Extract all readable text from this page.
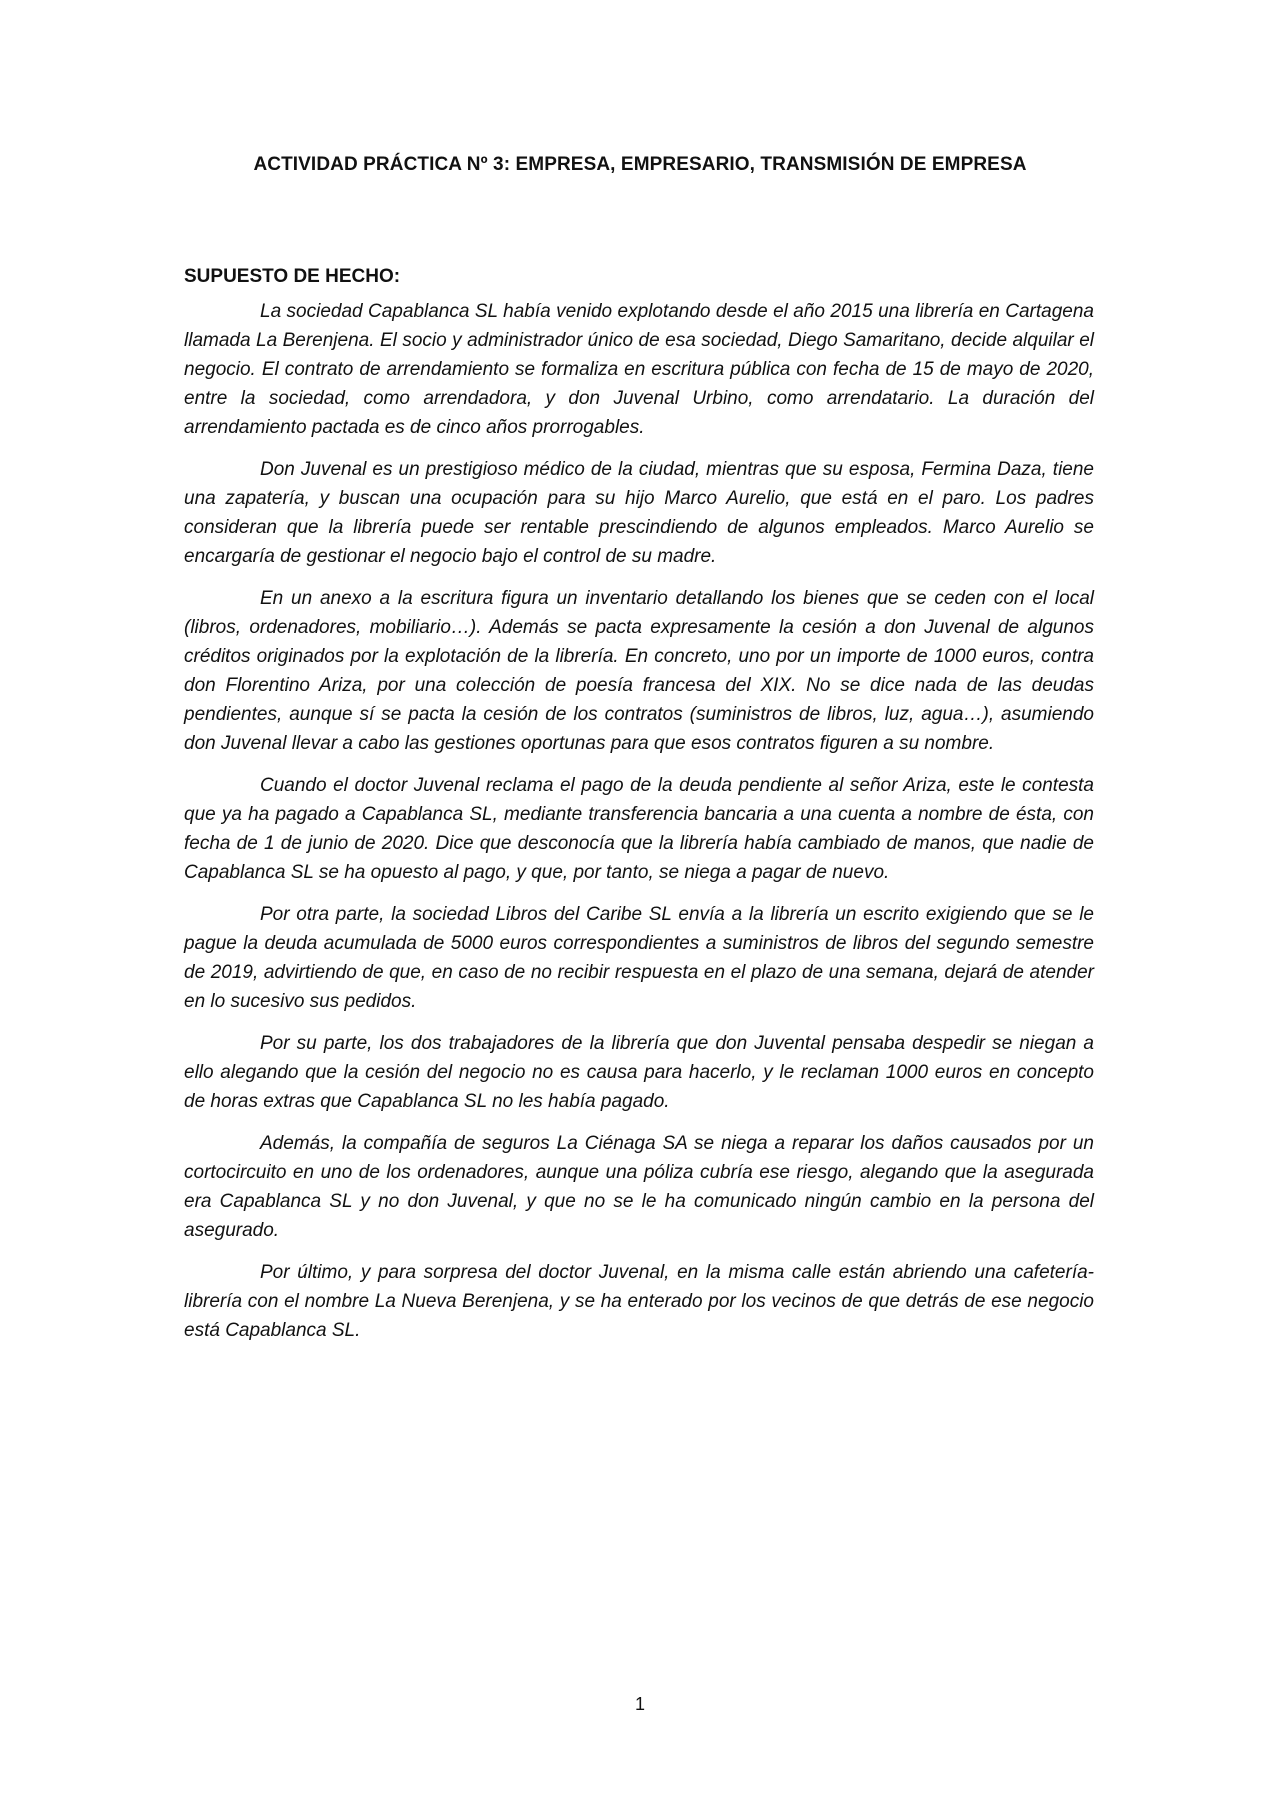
ACTIVIDAD PRÁCTICA Nº 3: EMPRESA, EMPRESARIO, TRANSMISIÓN DE EMPRESA

SUPUESTO DE HECHO:

La sociedad Capablanca SL había venido explotando desde el año 2015 una librería en Cartagena llamada La Berenjena. El socio y administrador único de esa sociedad, Diego Samaritano, decide alquilar el negocio. El contrato de arrendamiento se formaliza en escritura pública con fecha de 15 de mayo de 2020, entre la sociedad, como arrendadora, y don Juvenal Urbino, como arrendatario. La duración del arrendamiento pactada es de cinco años prorrogables.

Don Juvenal es un prestigioso médico de la ciudad, mientras que su esposa, Fermina Daza, tiene una zapatería, y buscan una ocupación para su hijo Marco Aurelio, que está en el paro. Los padres consideran que la librería puede ser rentable prescindiendo de algunos empleados. Marco Aurelio se encargaría de gestionar el negocio bajo el control de su madre.

En un anexo a la escritura figura un inventario detallando los bienes que se ceden con el local (libros, ordenadores, mobiliario…). Además se pacta expresamente la cesión a don Juvenal de algunos créditos originados por la explotación de la librería. En concreto, uno por un importe de 1000 euros, contra don Florentino Ariza, por una colección de poesía francesa del XIX. No se dice nada de las deudas pendientes, aunque sí se pacta la cesión de los contratos (suministros de libros, luz, agua…), asumiendo don Juvenal llevar a cabo las gestiones oportunas para que esos contratos figuren a su nombre.

Cuando el doctor Juvenal reclama el pago de la deuda pendiente al señor Ariza, este le contesta que ya ha pagado a Capablanca SL, mediante transferencia bancaria a una cuenta a nombre de ésta, con fecha de 1 de junio de 2020. Dice que desconocía que la librería había cambiado de manos, que nadie de Capablanca SL se ha opuesto al pago, y que, por tanto, se niega a pagar de nuevo.

Por otra parte, la sociedad Libros del Caribe SL envía a la librería un escrito exigiendo que se le pague la deuda acumulada de 5000 euros correspondientes a suministros de libros del segundo semestre de 2019, advirtiendo de que, en caso de no recibir respuesta en el plazo de una semana, dejará de atender en lo sucesivo sus pedidos.

Por su parte, los dos trabajadores de la librería que don Juvental pensaba despedir se niegan a ello alegando que la cesión del negocio no es causa para hacerlo, y le reclaman 1000 euros en concepto de horas extras que Capablanca SL no les había pagado.

Además, la compañía de seguros La Ciénaga SA se niega a reparar los daños causados por un cortocircuito en uno de los ordenadores, aunque una póliza cubría ese riesgo, alegando que la asegurada era Capablanca SL y no don Juvenal, y que no se le ha comunicado ningún cambio en la persona del asegurado.

Por último, y para sorpresa del doctor Juvenal, en la misma calle están abriendo una cafetería-librería con el nombre La Nueva Berenjena, y se ha enterado por los vecinos de que detrás de ese negocio está Capablanca SL.

1
